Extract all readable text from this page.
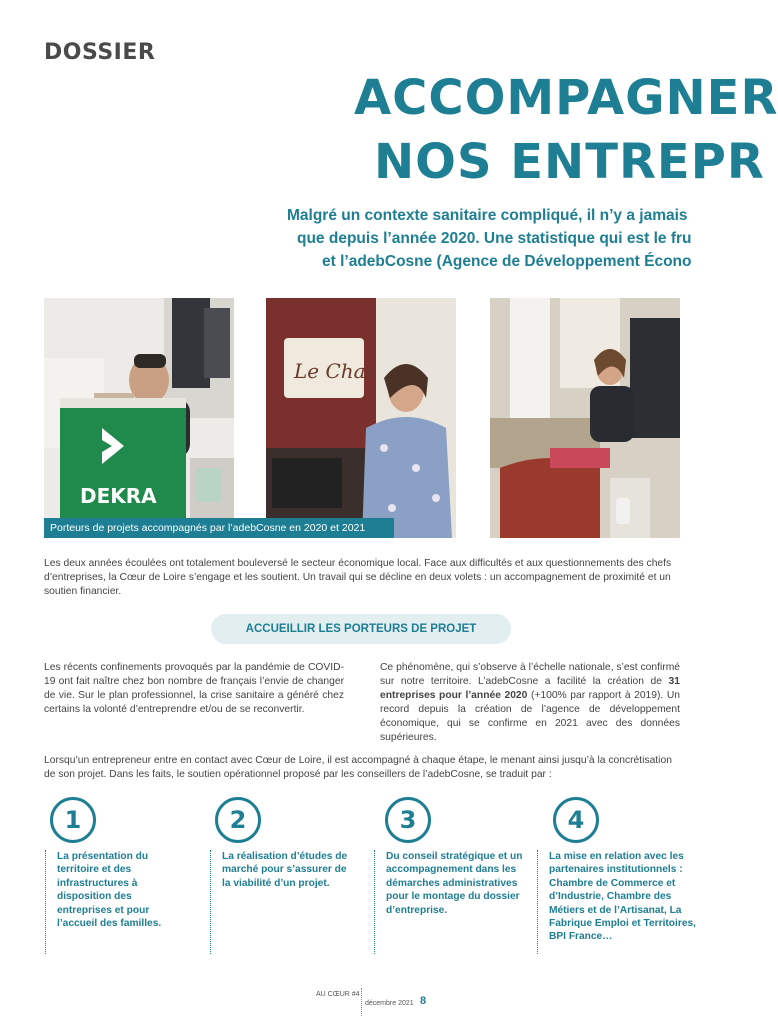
DOSSIER
ACCOMPAGNER
NOS ENTREPR
Malgré un contexte sanitaire compliqué, il n’y a jamais
que depuis l’année 2020. Une statistique qui est le fru
et l’adebCosne (Agence de Développement Écono
DEKRA
Le Chai
Porteurs de projets accompagnés par l’adebCosne en 2020 et 2021
Les deux années écoulées ont totalement bouleversé le secteur économique local. Face aux difficultés et aux questionnements des chefs d’entreprises, la Cœur de Loire s’engage et les soutient. Un travail qui se décline en deux volets : un accompagnement de proximité et un soutien financier.
ACCUEILLIR LES PORTEURS DE PROJET
Les récents confinements provoqués par la pandémie de COVID-19 ont fait naître chez bon nombre de français l’envie de changer de vie. Sur le plan professionnel, la crise sanitaire a généré chez certains la volonté d’entreprendre et/ou de se reconvertir.
Ce phénomène, qui s’observe à l’échelle nationale, s’est confirmé sur notre territoire. L’adebCosne a facilité la création de 31 entreprises pour l’année 2020 (+100% par rapport à 2019). Un record depuis la création de l’agence de développement économique, qui se confirme en 2021 avec des données supérieures.
Lorsqu’un entrepreneur entre en contact avec Cœur de Loire, il est accompagné à chaque étape, le menant ainsi jusqu’à la concrétisation de son projet. Dans les faits, le soutien opérationnel proposé par les conseillers de l’adebCosne, se traduit par :
1	2	3	4
La présentation du territoire et des infrastructures à disposition des entreprises et pour l’accueil des familles.
La réalisation d’études de marché pour s’assurer de la viabilité d’un projet.
Du conseil stratégique et un accompagnement dans les démarches administratives pour le montage du dossier d’entreprise.
La mise en relation avec les partenaires institutionnels : Chambre de Commerce et d’Industrie, Chambre des Métiers et de l’Artisanat, La Fabrique Emploi et Territoires, BPI France…
AU CŒUR #4
décembre 2021 8
